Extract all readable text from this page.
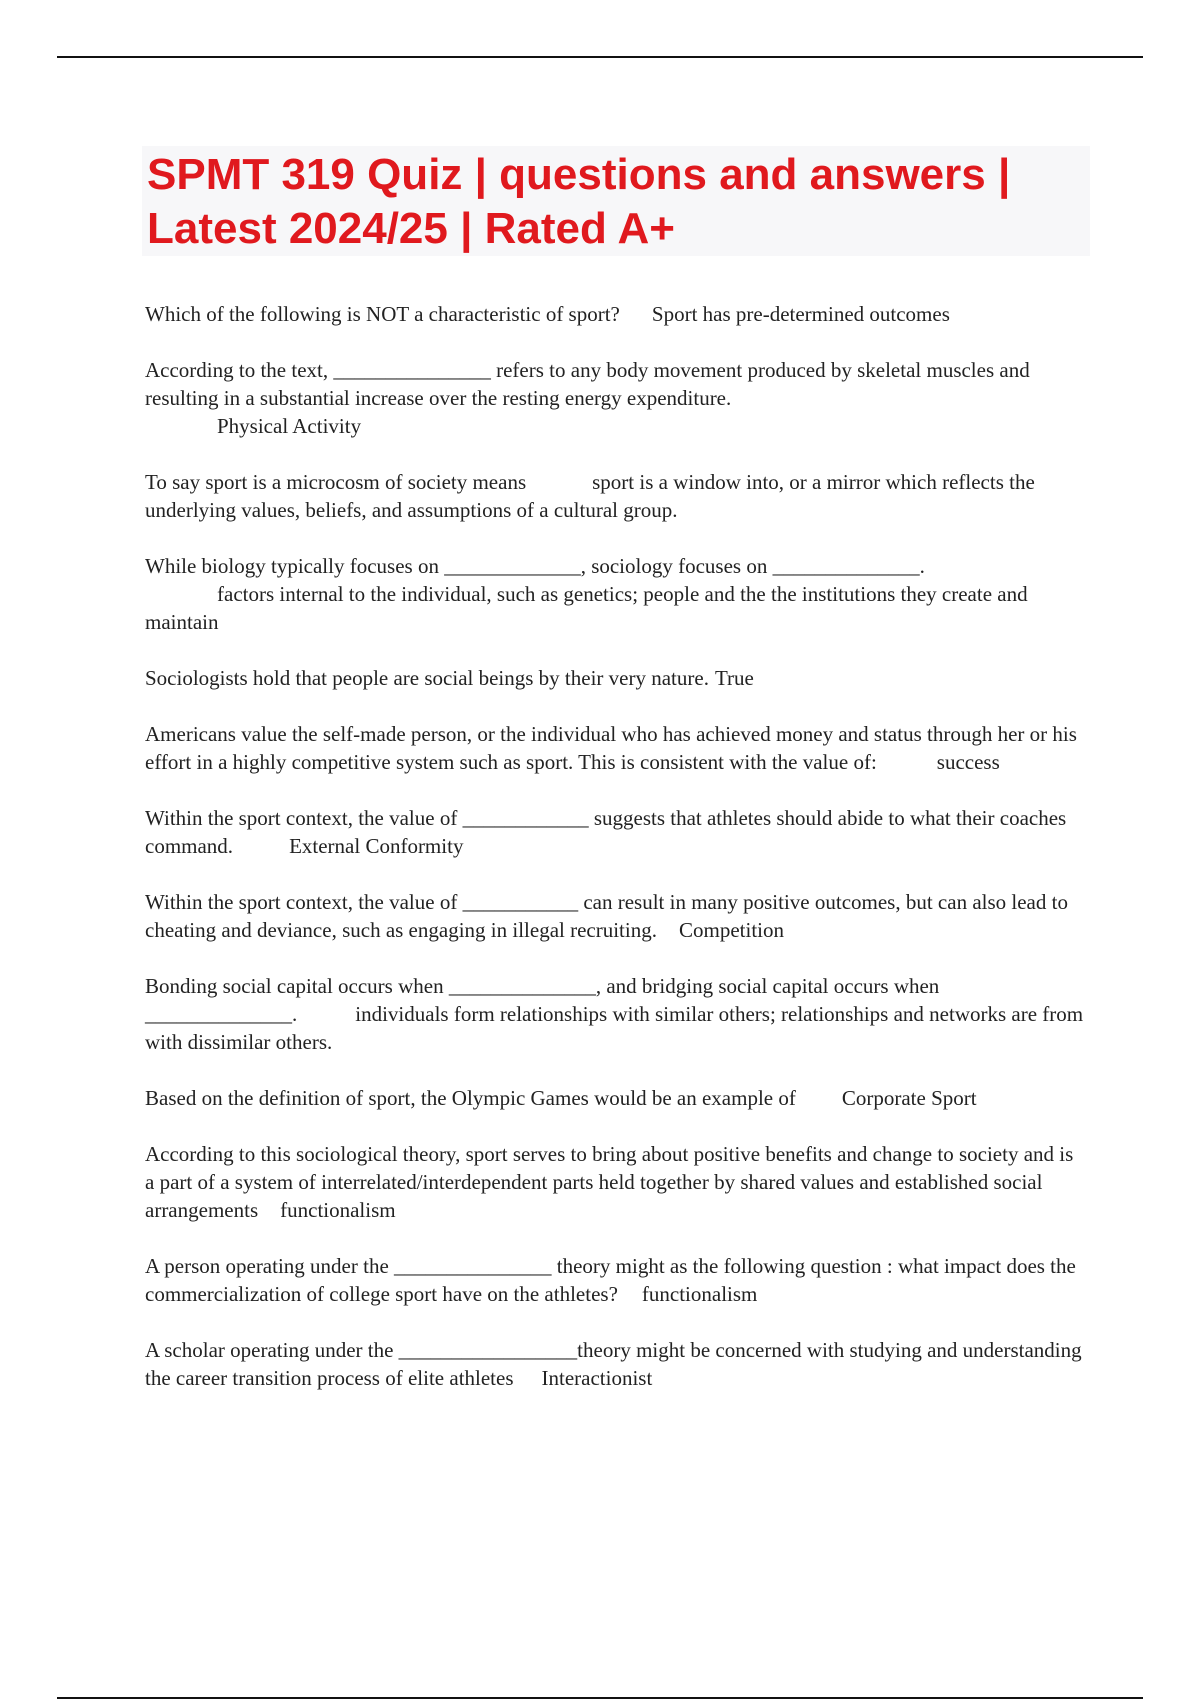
SPMT 319 Quiz | questions and answers | Latest 2024/25 | Rated A+

Which of the following is NOT a characteristic of sport? Sport has pre-determined outcomes

According to the text, _______________ refers to any body movement produced by skeletal muscles and resulting in a substantial increase over the resting energy expenditure.
Physical Activity

To say sport is a microcosm of society means	sport is a window into, or a mirror which reflects the underlying values, beliefs, and assumptions of a cultural group.

While biology typically focuses on _____________, sociology focuses on ______________.
factors internal to the individual, such as genetics; people and the the institutions they create and maintain

Sociologists hold that people are social beings by their very nature. True

Americans value the self-made person, or the individual who has achieved money and status through her or his effort in a highly competitive system such as sport. This is consistent with the value of:	success

Within the sport context, the value of ____________ suggests that athletes should abide to what their coaches command.	External Conformity

Within the sport context, the value of ___________ can result in many positive outcomes, but can also lead to cheating and deviance, such as engaging in illegal recruiting. Competition

Bonding social capital occurs when ______________, and bridging social capital occurs when ______________.	individuals form relationships with similar others; relationships and networks are from with dissimilar others.

Based on the definition of sport, the Olympic Games would be an example of Corporate Sport

According to this sociological theory, sport serves to bring about positive benefits and change to society and is a part of a system of interrelated/interdependent parts held together by shared values and established social arrangements functionalism

A person operating under the _______________ theory might as the following question : what impact does the commercialization of college sport have on the athletes? functionalism

A scholar operating under the _________________theory might be concerned with studying and understanding the career transition process of elite athletes Interactionist
